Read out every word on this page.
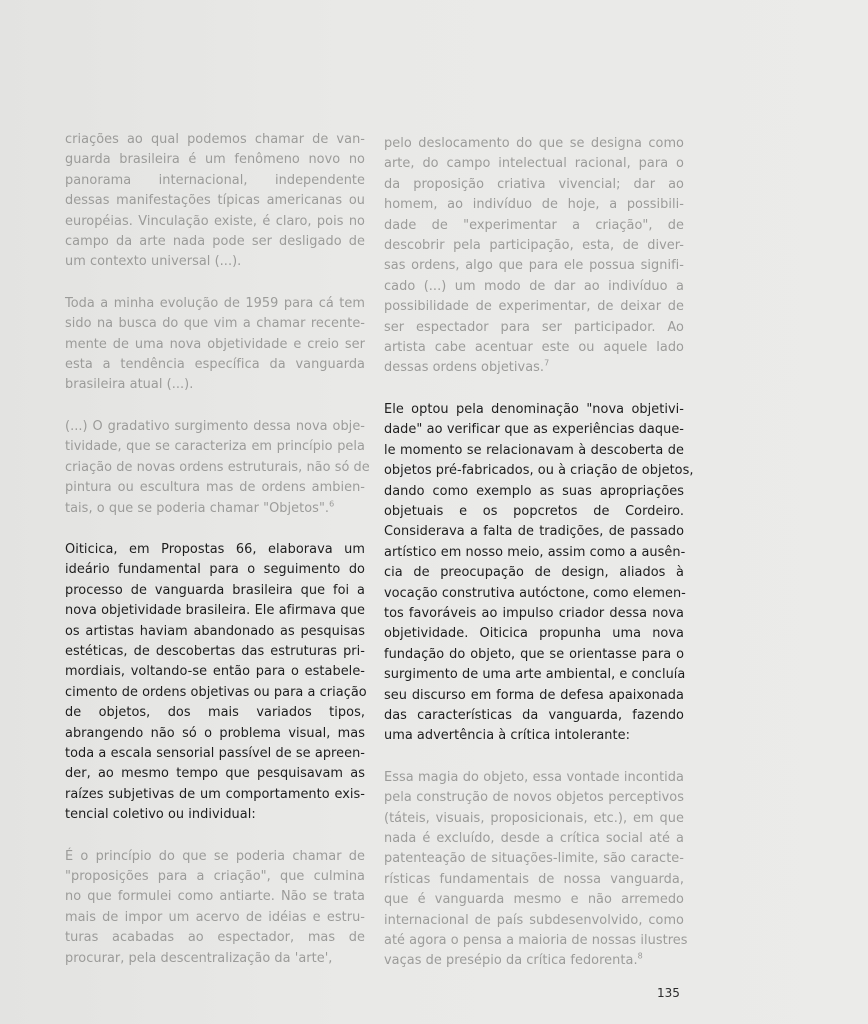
criações ao qual podemos chamar de van-
guarda brasileira é um fenômeno novo no
panorama internacional, independente
dessas manifestações típicas americanas ou
européias. Vinculação existe, é claro, pois no
campo da arte nada pode ser desligado de
um contexto universal (...).

Toda a minha evolução de 1959 para cá tem
sido na busca do que vim a chamar recente-
mente de uma nova objetividade e creio ser
esta a tendência específica da vanguarda
brasileira atual (...).

(...) O gradativo surgimento dessa nova obje-
tividade, que se caracteriza em princípio pela
criação de novas ordens estruturais, não só de
pintura ou escultura mas de ordens ambien-
tais, o que se poderia chamar "Objetos".$^6$

Oiticica, em Propostas 66, elaborava um
ideário fundamental para o seguimento do
processo de vanguarda brasileira que foi a
nova objetividade brasileira. Ele afirmava que
os artistas haviam abandonado as pesquisas
estéticas, de descobertas das estruturas pri-
mordiais, voltando-se então para o estabele-
cimento de ordens objetivas ou para a criação
de objetos, dos mais variados tipos,
abrangendo não só o problema visual, mas
toda a escala sensorial passível de se apreen-
der, ao mesmo tempo que pesquisavam as
raízes subjetivas de um comportamento exis-
tencial coletivo ou individual:

É o princípio do que se poderia chamar de
"proposições para a criação", que culmina
no que formulei como antiarte. Não se trata
mais de impor um acervo de idéias e estru-
turas acabadas ao espectador, mas de
procurar, pela descentralização da 'arte',

pelo deslocamento do que se designa como
arte, do campo intelectual racional, para o
da proposição criativa vivencial; dar ao
homem, ao indivíduo de hoje, a possibili-
dade de "experimentar a criação", de
descobrir pela participação, esta, de diver-
sas ordens, algo que para ele possua signifi-
cado (...) um modo de dar ao indivíduo a
possibilidade de experimentar, de deixar de
ser espectador para ser participador. Ao
artista cabe acentuar este ou aquele lado
dessas ordens objetivas.$^7$

Ele optou pela denominação "nova objetivi-
dade" ao verificar que as experiências daque-
le momento se relacionavam à descoberta de
objetos pré-fabricados, ou à criação de objetos,
dando como exemplo as suas apropriações
objetuais e os popcretos de Cordeiro.
Considerava a falta de tradições, de passado
artístico em nosso meio, assim como a ausên-
cia de preocupação de design, aliados à
vocação construtiva autóctone, como elemen-
tos favoráveis ao impulso criador dessa nova
objetividade. Oiticica propunha uma nova
fundação do objeto, que se orientasse para o
surgimento de uma arte ambiental, e concluía
seu discurso em forma de defesa apaixonada
das características da vanguarda, fazendo
uma advertência à crítica intolerante:

Essa magia do objeto, essa vontade incontida
pela construção de novos objetos perceptivos
(táteis, visuais, proposicionais, etc.), em que
nada é excluído, desde a crítica social até a
patenteação de situações-limite, são caracte-
rísticas fundamentais de nossa vanguarda,
que é vanguarda mesmo e não arremedo
internacional de país subdesenvolvido, como
até agora o pensa a maioria de nossas ilustres
vaças de presépio da crítica fedorenta.$^8$

135
